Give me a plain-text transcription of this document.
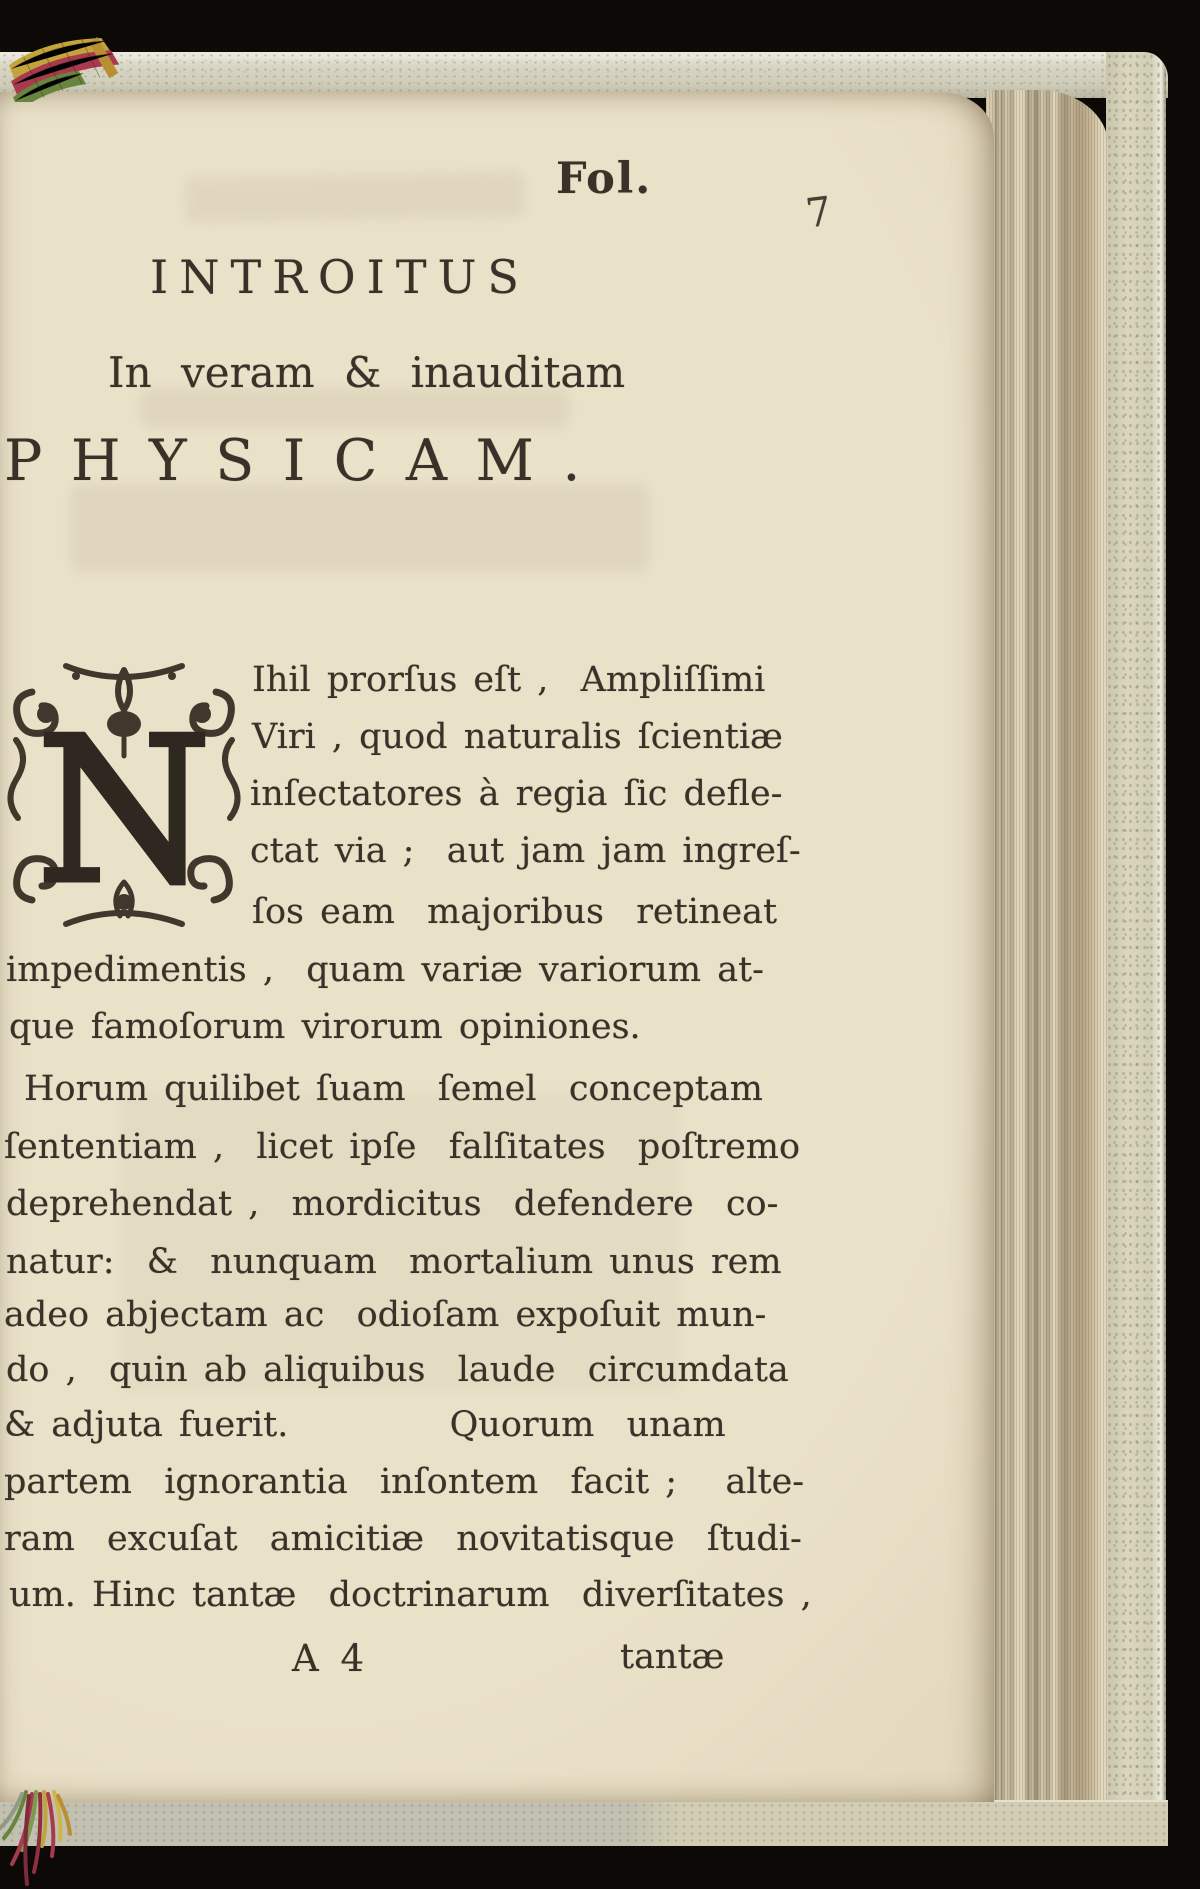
Fol.
7
INTROITUS
In veram & inauditam
PHYSICAM.
N
Ihil prorſus eſt ,  Ampliſſimi
Viri , quod naturalis ſcientiæ
inſectatores à regia ſic defle-
ctat via ;  aut jam jam ingreſ-
ſos eam  majoribus  retineat
impedimentis ,  quam variæ variorum at-
que famoſorum virorum opiniones.
Horum quilibet ſuam  ſemel  conceptam
ſententiam ,  licet ipſe  falſitates  poſtremo
deprehendat ,  mordicitus  defendere  co-
natur:  &  nunquam  mortalium unus rem
adeo abjectam ac  odioſam expoſuit mun-
do ,  quin ab aliquibus  laude  circumdata
& adjuta fuerit.          Quorum  unam
partem  ignorantia  inſontem  facit ;   alte-
ram  excuſat  amicitiæ  novitatisque  ſtudi-
um. Hinc tantæ  doctrinarum  diverſitates ,
A 4	tantæ
